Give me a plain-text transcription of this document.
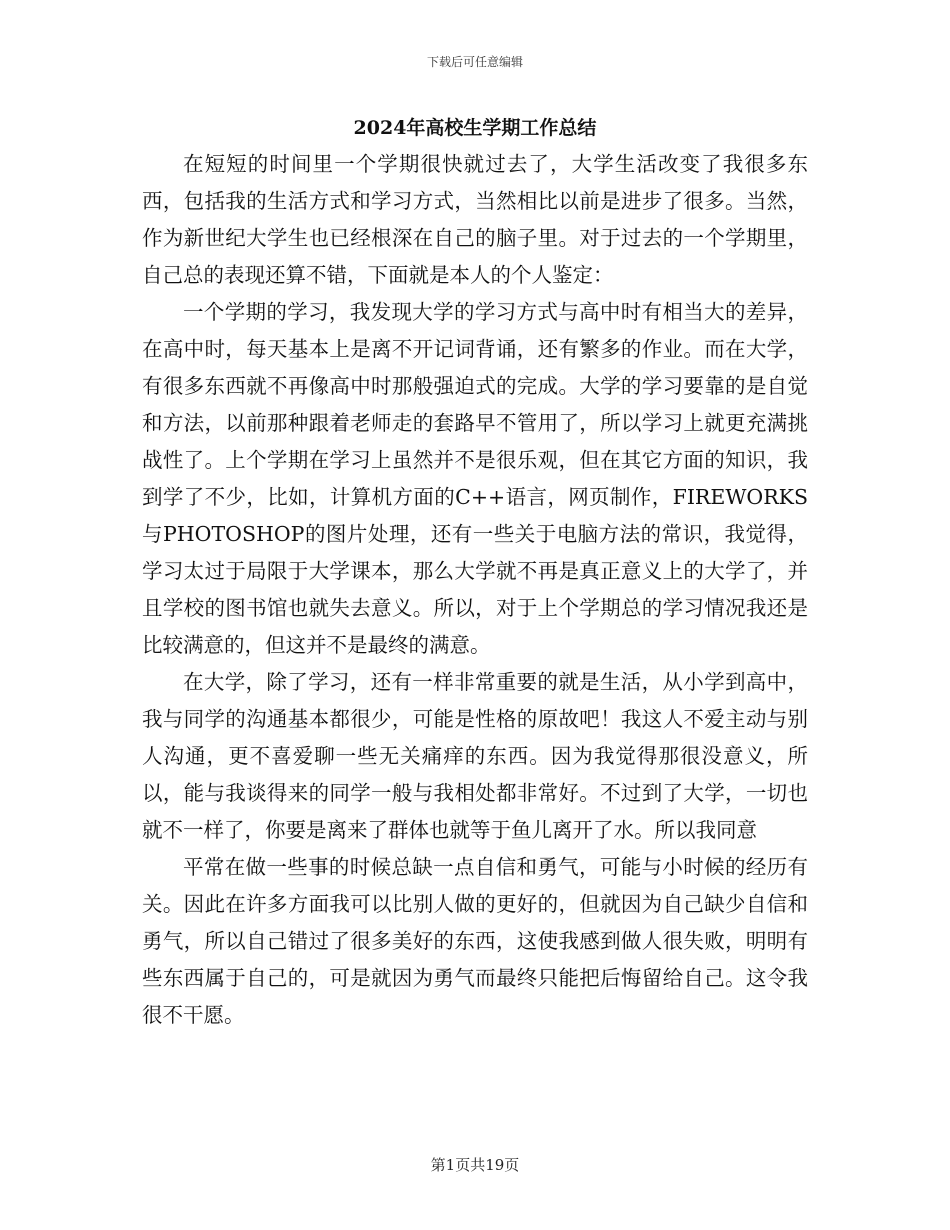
下载后可任意编辑
2024年高校生学期工作总结

在短短的时间里一个学期很快就过去了，大学生活改变了我很多东西，包括我的生活方式和学习方式，当然相比以前是进步了很多。当然，作为新世纪大学生也已经根深在自己的脑子里。对于过去的一个学期里，自己总的表现还算不错，下面就是本人的个人鉴定：

一个学期的学习，我发现大学的学习方式与高中时有相当大的差异，在高中时，每天基本上是离不开记词背诵，还有繁多的作业。而在大学，有很多东西就不再像高中时那般强迫式的完成。大学的学习要靠的是自觉和方法，以前那种跟着老师走的套路早不管用了，所以学习上就更充满挑战性了。上个学期在学习上虽然并不是很乐观，但在其它方面的知识，我到学了不少，比如，计算机方面的C++语言，网页制作，FIREWORKS与PHOTOSHOP的图片处理，还有一些关于电脑方法的常识，我觉得，学习太过于局限于大学课本，那么大学就不再是真正意义上的大学了，并且学校的图书馆也就失去意义。所以，对于上个学期总的学习情况我还是比较满意的，但这并不是最终的满意。

在大学，除了学习，还有一样非常重要的就是生活，从小学到高中，我与同学的沟通基本都很少，可能是性格的原故吧！我这人不爱主动与别人沟通，更不喜爱聊一些无关痛痒的东西。因为我觉得那很没意义，所以，能与我谈得来的同学一般与我相处都非常好。不过到了大学，一切也就不一样了，你要是离来了群体也就等于鱼儿离开了水。所以我同意

平常在做一些事的时候总缺一点自信和勇气，可能与小时候的经历有关。因此在许多方面我可以比别人做的更好的，但就因为自己缺少自信和勇气，所以自己错过了很多美好的东西，这使我感到做人很失败，明明有些东西属于自己的，可是就因为勇气而最终只能把后悔留给自己。这令我很不干愿。

第1页共19页
